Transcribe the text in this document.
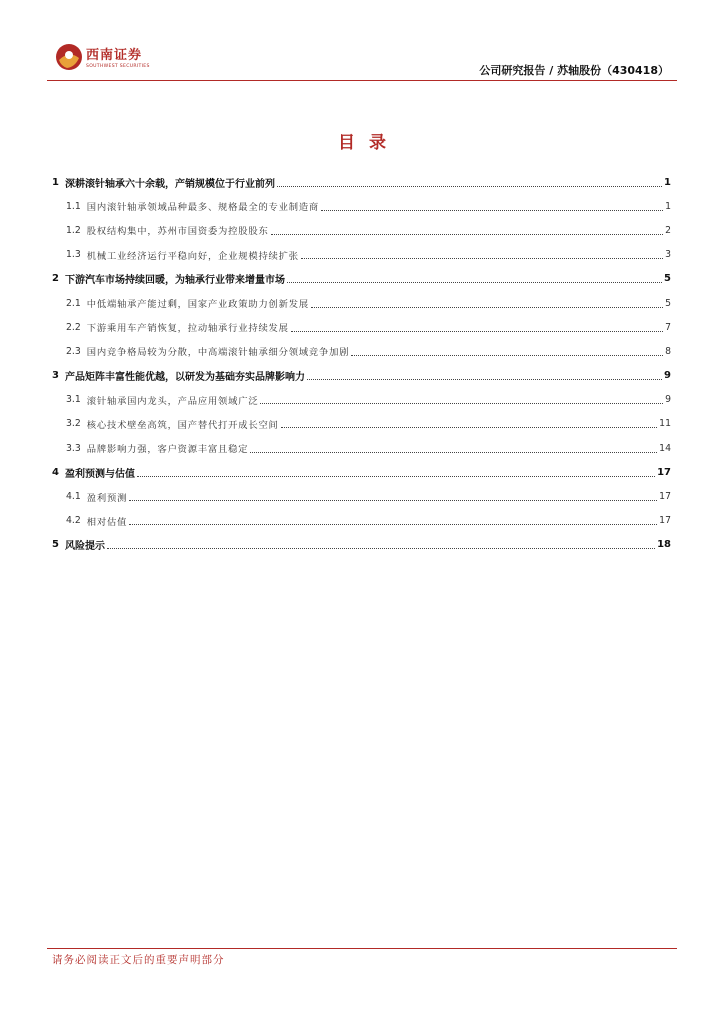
西南证券
SOUTHWEST SECURITIES	公司研究报告 / 苏轴股份（430418）
目录
1 深耕滚针轴承六十余载，产销规模位于行业前列	1
1.1 国内滚针轴承领域品种最多、规格最全的专业制造商	1
1.2 股权结构集中，苏州市国资委为控股股东	2
1.3 机械工业经济运行平稳向好，企业规模持续扩张	3
2 下游汽车市场持续回暖，为轴承行业带来增量市场	5
2.1 中低端轴承产能过剩，国家产业政策助力创新发展	5
2.2 下游乘用车产销恢复，拉动轴承行业持续发展	7
2.3 国内竞争格局较为分散，中高端滚针轴承细分领域竞争加剧	8
3 产品矩阵丰富性能优越，以研发为基础夯实品牌影响力	9
3.1 滚针轴承国内龙头，产品应用领域广泛	9
3.2 核心技术壁垒高筑，国产替代打开成长空间	11
3.3 品牌影响力强，客户资源丰富且稳定	14
4 盈利预测与估值	17
4.1 盈利预测	17
4.2 相对估值	17
5 风险提示	18
请务必阅读正文后的重要声明部分
